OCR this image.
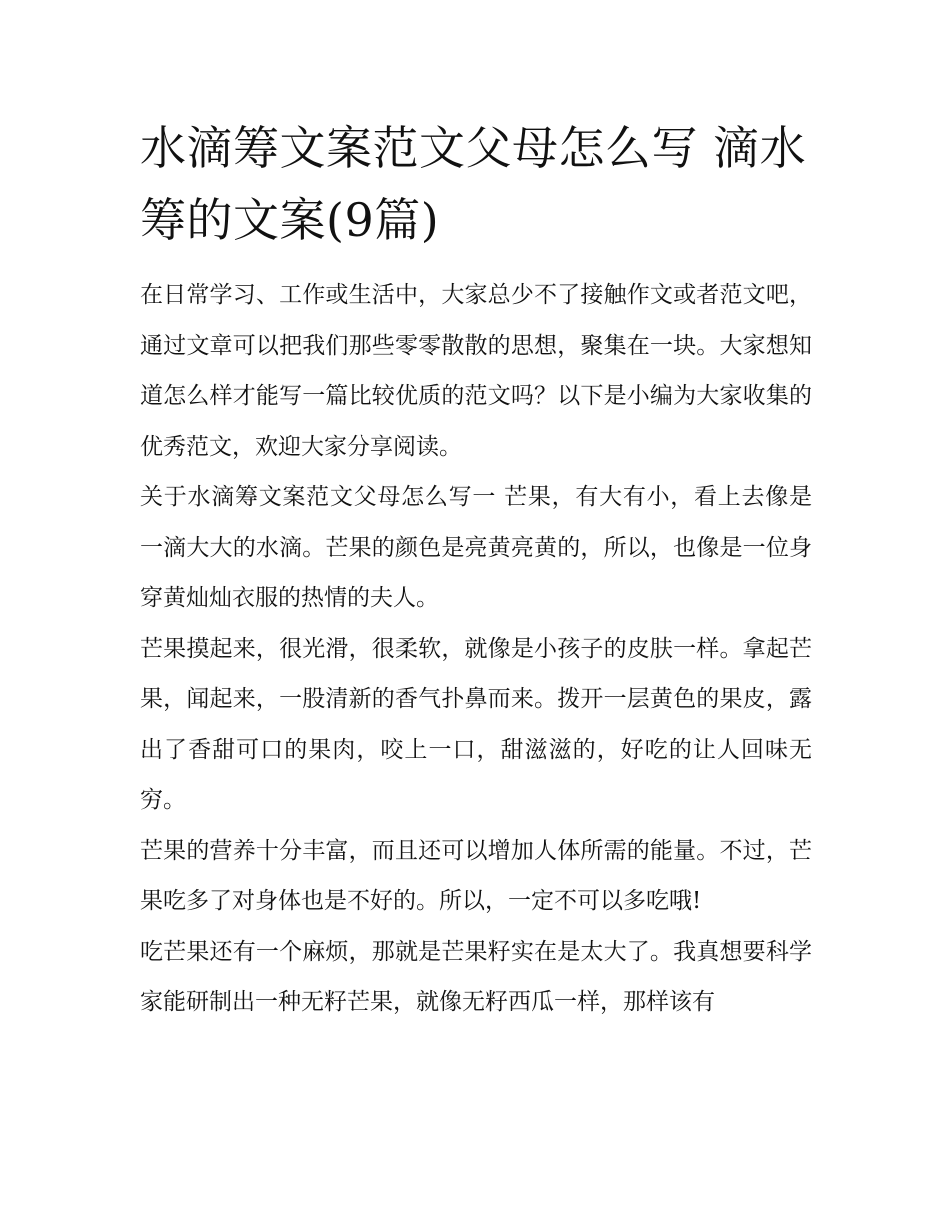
水滴筹文案范文父母怎么写 滴水筹的文案(9篇)

在日常学习、工作或生活中，大家总少不了接触作文或者范文吧，通过文章可以把我们那些零零散散的思想，聚集在一块。大家想知道怎么样才能写一篇比较优质的范文吗？以下是小编为大家收集的优秀范文，欢迎大家分享阅读。

关于水滴筹文案范文父母怎么写一 芒果，有大有小，看上去像是一滴大大的水滴。芒果的颜色是亮黄亮黄的，所以，也像是一位身穿黄灿灿衣服的热情的夫人。

芒果摸起来，很光滑，很柔软，就像是小孩子的皮肤一样。拿起芒果，闻起来，一股清新的香气扑鼻而来。拨开一层黄色的果皮，露出了香甜可口的果肉，咬上一口，甜滋滋的，好吃的让人回味无穷。

芒果的营养十分丰富，而且还可以增加人体所需的能量。不过，芒果吃多了对身体也是不好的。所以，一定不可以多吃哦!

吃芒果还有一个麻烦，那就是芒果籽实在是太大了。我真想要科学家能研制出一种无籽芒果，就像无籽西瓜一样，那样该有
